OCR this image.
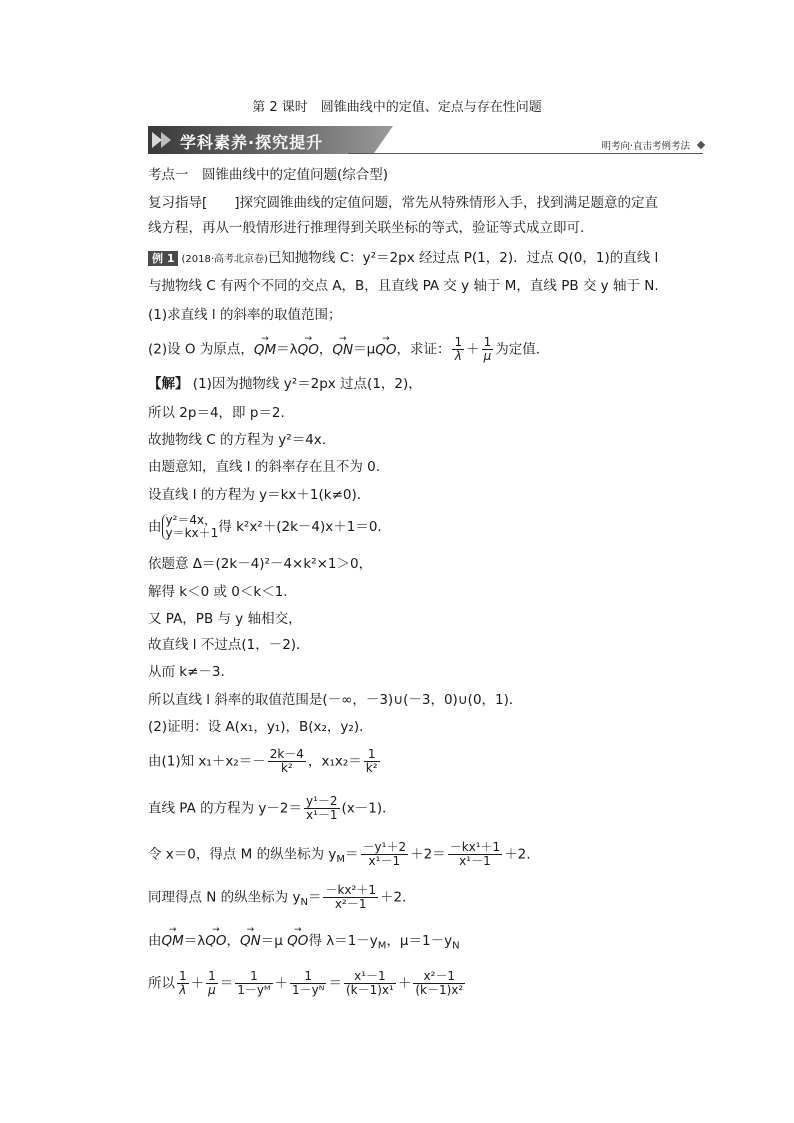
第 2 课时　圆锥曲线中的定值、定点与存在性问题
学科素养·探究提升	明考向·直击考例考法
考点一　圆锥曲线中的定值问题(综合型)
复习指导[　　]探究圆锥曲线的定值问题，常先从特殊情形入手，找到满足题意的定直
线方程，再从一般情形进行推理得到关联坐标的等式，验证等式成立即可.
例 1 (2018·高考北京卷)已知抛物线 C：y²＝2px 经过点 P(1，2)．过点 Q(0，1)的直线 l
与抛物线 C 有两个不同的交点 A，B，且直线 PA 交 y 轴于 M，直线 PB 交 y 轴于 N.
(1)求直线 l 的斜率的取值范围；
(2)设 O 为原点，→ QM＝λ→ QO，→ QN＝μ→ QO，求证： $\frac{1}{\lambda} + \frac{1}{\mu}$ 为定值．
【解】 (1)因为抛物线 y²＝2px 过点(1，2)，
所以 2p＝4，即 p＝2.
故抛物线 C 的方程为 y²＝4x.
由题意知，直线 l 的斜率存在且不为 0.
设直线 l 的方程为 y＝kx＋1(k≠0)．
由 y²＝4x，
y＝kx＋1 得 k²x²＋(2k－4)x＋1＝0.
依题意 Δ＝(2k－4)²－4×k²×1＞0，
解得 k＜0 或 0＜k＜1.
又 PA，PB 与 y 轴相交，
故直线 l 不过点(1，－2)．
从而 k≠－3.
所以直线 l 斜率的取值范围是(－∞，－3)∪(－3，0)∪(0，1)．
(2)证明：设 A(x₁，y₁)，B(x₂，y₂)．
由(1)知 $x_1+x_2=- \frac{2k-4}{\text{k²}}$ ，$x_1x_2= \frac{1}{\text{k²}}$
直线 PA 的方程为 $y-2= \frac{\text{y¹－2}}{\text{x¹－1}} (x-1)$．
令 x＝0，得点 M 的纵坐标为 $y_M= \frac{\text{－y¹＋2}}{\text{x¹－1}} +2= \frac{\text{－kx¹＋1}}{\text{x¹－1}} +2$.
同理得点 N 的纵坐标为 $y_N= \frac{\text{－kx²＋1}}{\text{x²－1}} +2$.
由→ QM＝λ→ QO，→ QN＝μ → QO得 $\lambda=1-y_M$，$\mu=1-y_N$
所以 $\frac{1}{\lambda} + \frac{1}{\mu} = \frac{1}{\text{1－yᴹ}} + \frac{1}{\text{1－yᴺ}} = \frac{\text{x¹－1}}{\text{(k－1)x¹}} + \frac{\text{x²－1}}{\text{(k－1)x²}}$
